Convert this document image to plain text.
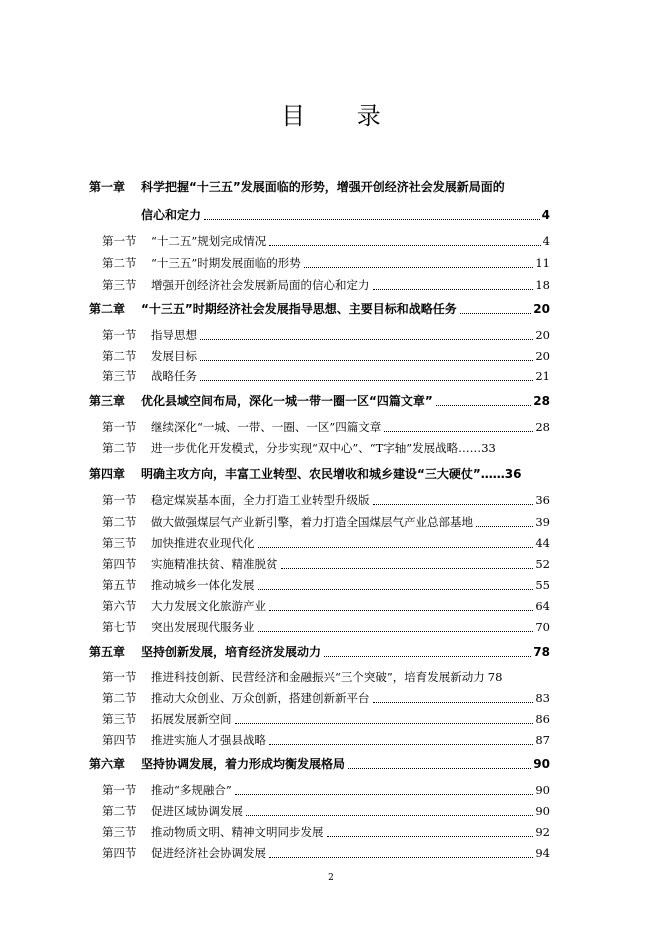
目 录
第一章	科学把握“十三五”发展面临的形势，增强开创经济社会发展新局面的
信心和定力	4
第一节	“十二五”规划完成情况	4
第二节	“十三五”时期发展面临的形势	11
第三节	增强开创经济社会发展新局面的信心和定力	18
第二章	“十三五”时期经济社会发展指导思想、主要目标和战略任务	20
第一节	指导思想	20
第二节	发展目标	20
第三节	战略任务	21
第三章	优化县域空间布局，深化一城一带一圈一区“四篇文章”	28
第一节	继续深化“一城、一带、一圈、一区”四篇文章	28
第二节	进一步优化开发模式，分步实现“双中心”、“T字轴”发展战略…… 33
第四章	明确主攻方向，丰富工业转型、农民增收和城乡建设“三大硬仗”…… 36
第一节	稳定煤炭基本面，全力打造工业转型升级版	36
第二节	做大做强煤层气产业新引擎，着力打造全国煤层气产业总部基地	39
第三节	加快推进农业现代化	44
第四节	实施精准扶贫、精准脱贫	52
第五节	推动城乡一体化发展	55
第六节	大力发展文化旅游产业	64
第七节	突出发展现代服务业	70
第五章	坚持创新发展，培育经济发展动力	78
第一节	推进科技创新、民营经济和金融振兴“三个突破”，培育发展新动力 78
第二节	推动大众创业、万众创新，搭建创新新平台	83
第三节	拓展发展新空间	86
第四节	推进实施人才强县战略	87
第六章	坚持协调发展，着力形成均衡发展格局	90
第一节	推动“多规融合”	90
第二节	促进区域协调发展	90
第三节	推动物质文明、精神文明同步发展	92
第四节	促进经济社会协调发展	94
2
